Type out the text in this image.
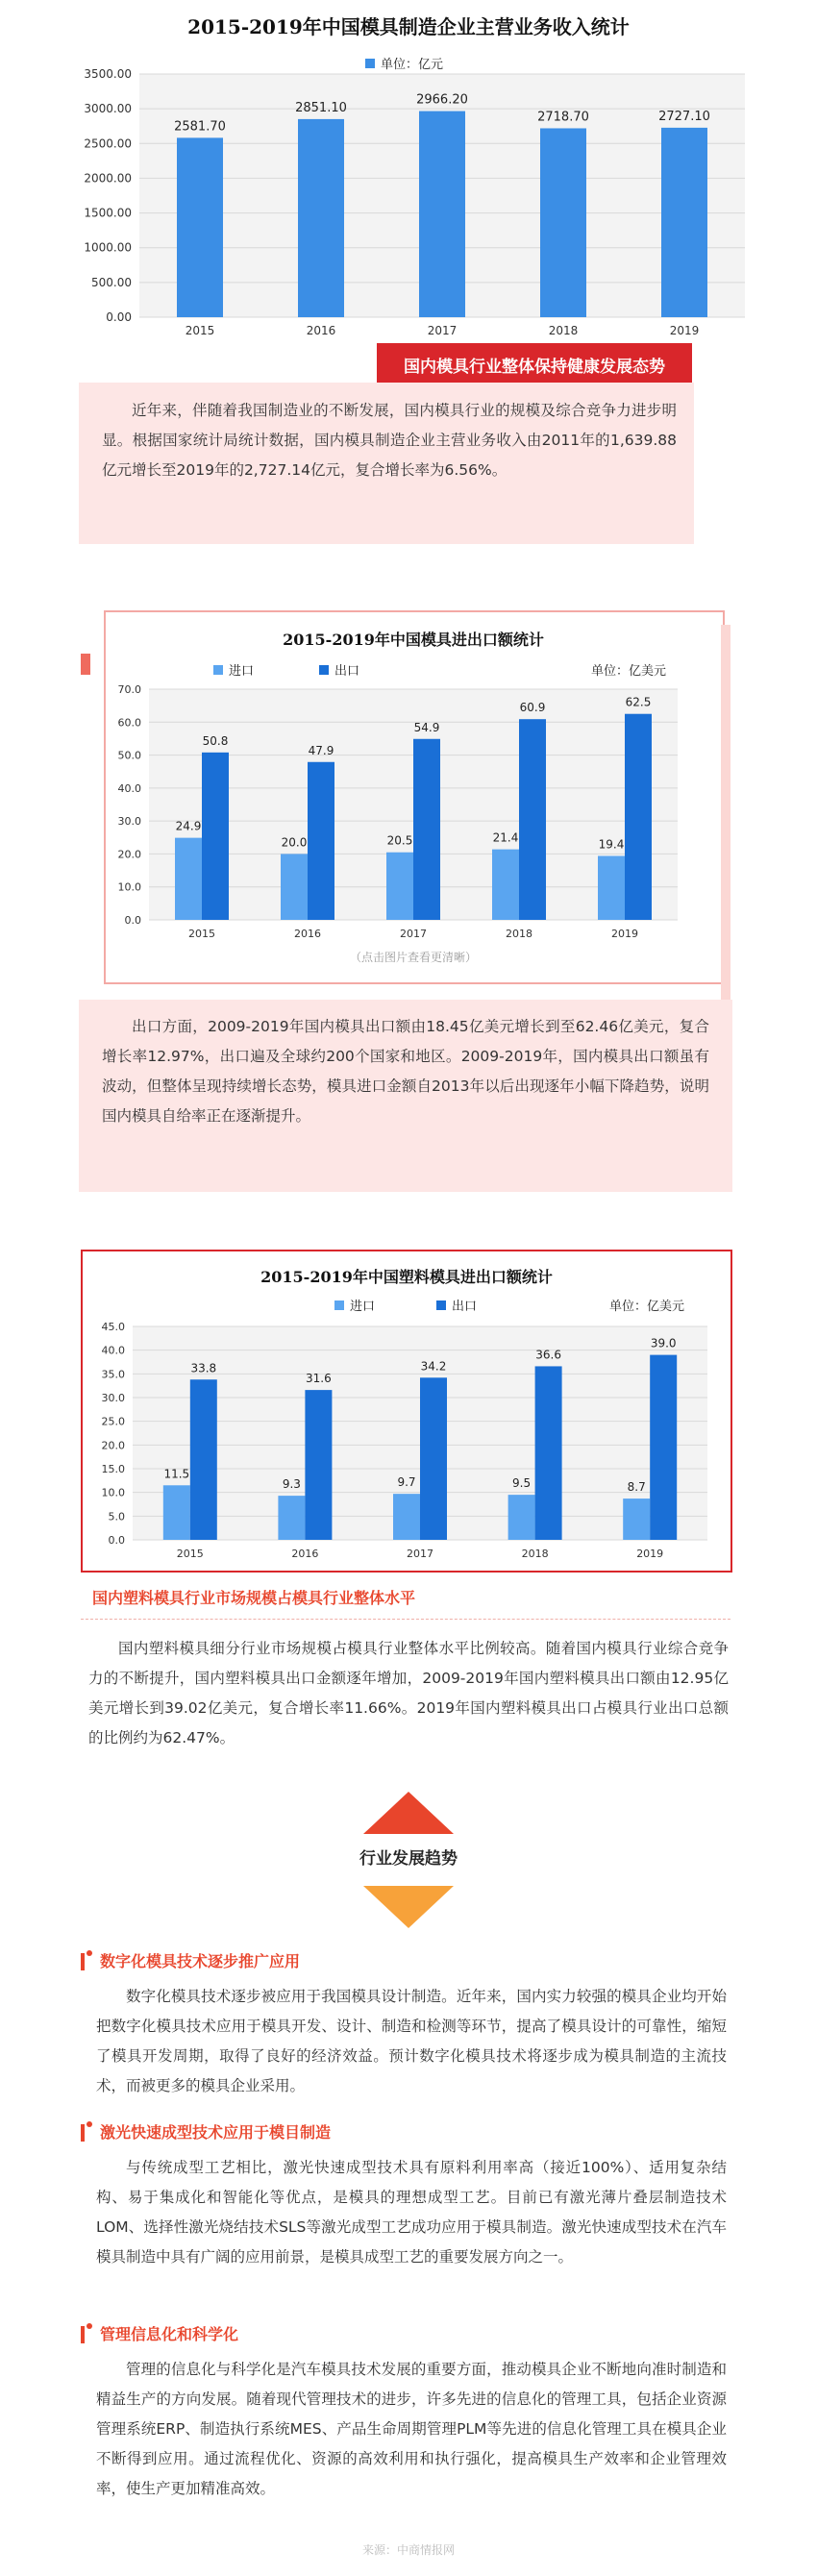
2015-2019年中国模具制造企业主营业务收入统计
单位：亿元
3500.00
3000.00
2500.00
2000.00
1500.00
1000.00
500.00
0.00
2015
2581.70
2016
2851.10
2017
2966.20
2018
2718.70
2019
2727.10
国内模具行业整体保持健康发展态势

近年来，伴随着我国制造业的不断发展，国内模具行业的规模及综合竞争力进步明显。根据国家统计局统计数据，国内模具制造企业主营业务收入由2011年的1,639.88亿元增长至2019年的2,727.14亿元，复合增长率为6.56%。

2015-2019年中国模具进出口额统计
进口	出口	单位：亿美元
70.0
60.0
50.0
40.0
30.0
20.0
10.0
0.0
2015
24.9
50.8
2016
20.0
47.9
2017
20.5
54.9
2018
21.4
60.9
2019
19.4
62.5
（点击图片查看更清晰）

出口方面，2009-2019年国内模具出口额由18.45亿美元增长到至62.46亿美元，复合增长率12.97%，出口遍及全球约200个国家和地区。2009-2019年，国内模具出口额虽有波动，但整体呈现持续增长态势，模具进口金额自2013年以后出现逐年小幅下降趋势，说明国内模具自给率正在逐渐提升。

2015-2019年中国塑料模具进出口额统计
进口	出口	单位：亿美元
45.0
40.0
35.0
30.0
25.0
20.0
15.0
10.0
5.0
0.0
2015
11.5
33.8
2016
9.3
31.6
2017
9.7
34.2
2018
9.5
36.6
2019
8.7
39.0
国内塑料模具行业市场规模占模具行业整体水平

国内塑料模具细分行业市场规模占模具行业整体水平比例较高。随着国内模具行业综合竞争力的不断提升，国内塑料模具出口金额逐年增加，2009-2019年国内塑料模具出口额由12.95亿美元增长到39.02亿美元，复合增长率11.66%。2019年国内塑料模具出口占模具行业出口总额的比例约为62.47%。

行业发展趋势
数字化模具技术逐步推广应用

数字化模具技术逐步被应用于我国模具设计制造。近年来，国内实力较强的模具企业均开始把数字化模具技术应用于模具开发、设计、制造和检测等环节，提高了模具设计的可靠性，缩短了模具开发周期，取得了良好的经济效益。预计数字化模具技术将逐步成为模具制造的主流技术，而被更多的模具企业采用。

激光快速成型技术应用于模目制造

与传统成型工艺相比，激光快速成型技术具有原料利用率高（接近100%）、适用复杂结构、易于集成化和智能化等优点，是模具的理想成型工艺。目前已有激光薄片叠层制造技术LOM、选择性激光烧结技术SLS等激光成型工艺成功应用于模具制造。激光快速成型技术在汽车模具制造中具有广阔的应用前景，是模具成型工艺的重要发展方向之一。

管理信息化和科学化

管理的信息化与科学化是汽车模具技术发展的重要方面，推动模具企业不断地向准时制造和精益生产的方向发展。随着现代管理技术的进步，许多先进的信息化的管理工具，包括企业资源管理系统ERP、制造执行系统MES、产品生命周期管理PLM等先进的信息化管理工具在模具企业不断得到应用。通过流程优化、资源的高效利用和执行强化，提高模具生产效率和企业管理效率，使生产更加精准高效。

来源：中商情报网
